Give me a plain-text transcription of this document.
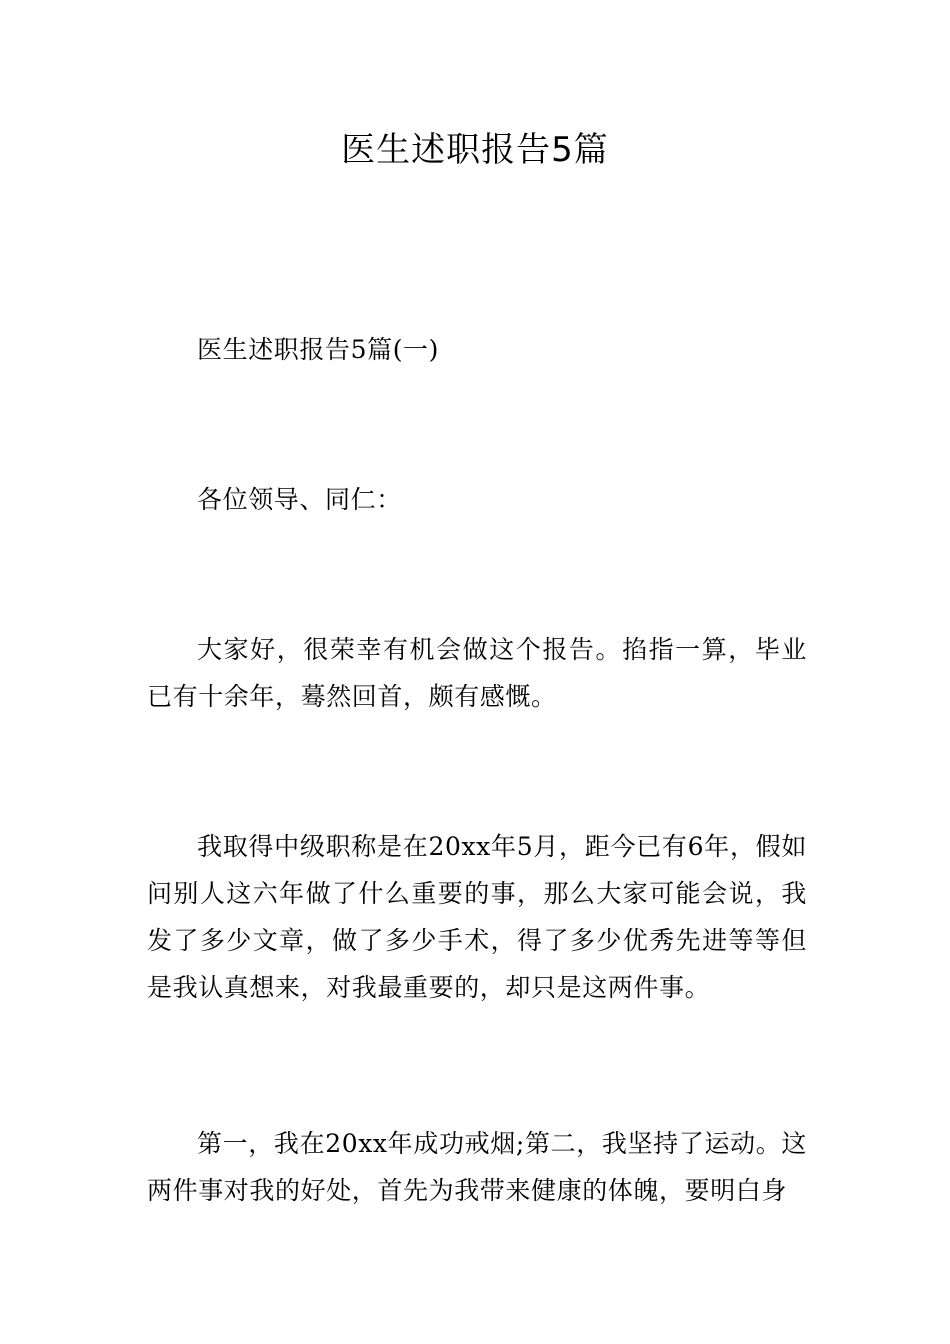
医生述职报告5篇
医生述职报告5篇(一)
各位领导、同仁：
大家好，很荣幸有机会做这个报告。掐指一算，毕业已有十余年，蓦然回首，颇有感慨。
我取得中级职称是在20xx年5月，距今已有6年，假如问别人这六年做了什么重要的事，那么大家可能会说，我发了多少文章，做了多少手术，得了多少优秀先进等等但是我认真想来，对我最重要的，却只是这两件事。
第一，我在20xx年成功戒烟;第二，我坚持了运动。这两件事对我的好处，首先为我带来健康的体魄，要明白身
